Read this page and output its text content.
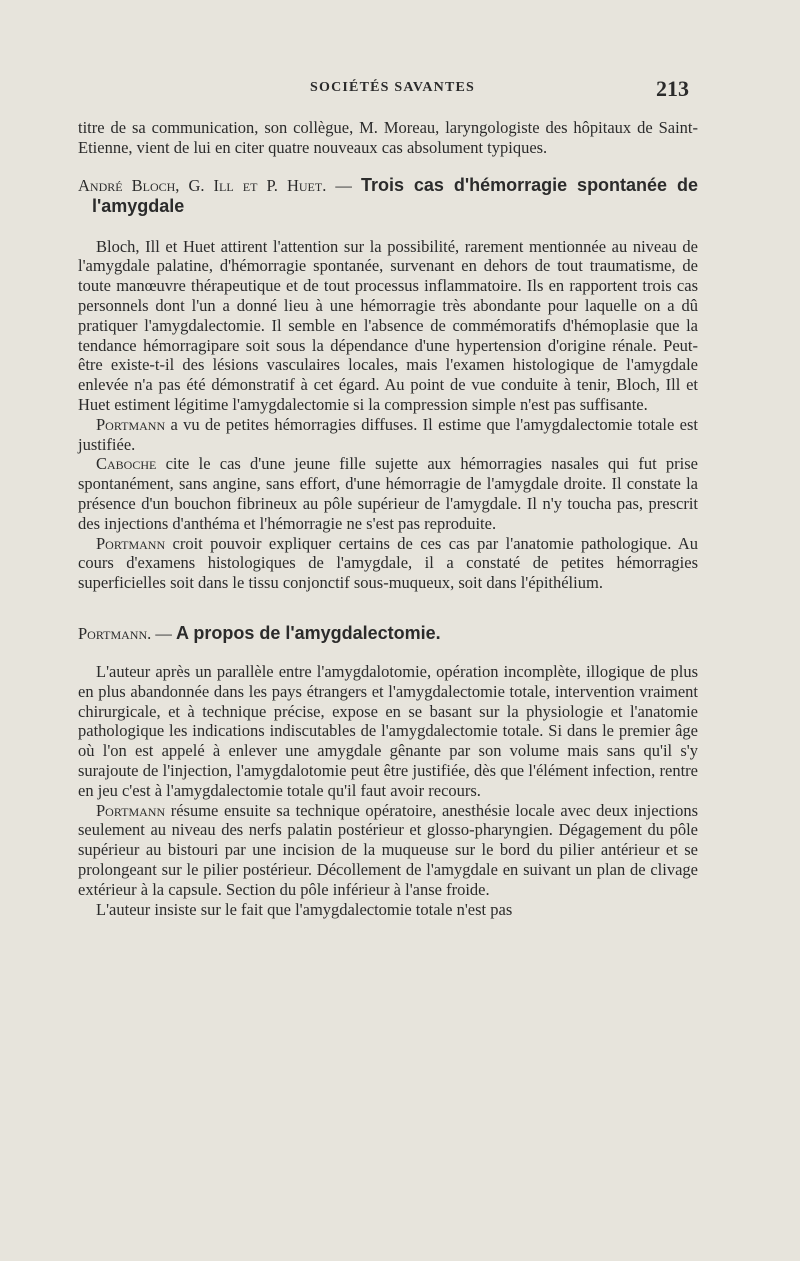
SOCIÉTÉS SAVANTES	213

titre de sa communication, son collègue, M. Moreau, laryngologiste des hôpitaux de Saint-Etienne, vient de lui en citer quatre nouveaux cas absolument typiques.

André Bloch, G. Ill et P. Huet. — Trois cas d'hémorragie spontanée de l'amygdale

Bloch, Ill et Huet attirent l'attention sur la possibilité, rarement mentionnée au niveau de l'amygdale palatine, d'hémorragie spontanée, survenant en dehors de tout traumatisme, de toute manœuvre thérapeutique et de tout processus inflammatoire. Ils en rapportent trois cas personnels dont l'un a donné lieu à une hémorragie très abondante pour laquelle on a dû pratiquer l'amygdalectomie. Il semble en l'absence de commémoratifs d'hémoplasie que la tendance hémorragipare soit sous la dépendance d'une hypertension d'origine rénale. Peut-être existe-t-il des lésions vasculaires locales, mais l'examen histologique de l'amygdale enlevée n'a pas été démonstratif à cet égard. Au point de vue conduite à tenir, Bloch, Ill et Huet estiment légitime l'amygdalectomie si la compression simple n'est pas suffisante.

Portmann a vu de petites hémorragies diffuses. Il estime que l'amygdalectomie totale est justifiée.

Caboche cite le cas d'une jeune fille sujette aux hémorragies nasales qui fut prise spontanément, sans angine, sans effort, d'une hémorragie de l'amygdale droite. Il constate la présence d'un bouchon fibrineux au pôle supérieur de l'amygdale. Il n'y toucha pas, prescrit des injections d'anthéma et l'hémorragie ne s'est pas reproduite.

Portmann croit pouvoir expliquer certains de ces cas par l'anatomie pathologique. Au cours d'examens histologiques de l'amygdale, il a constaté de petites hémorragies superficielles soit dans le tissu conjonctif sous-muqueux, soit dans l'épithélium.

Portmann. — A propos de l'amygdalectomie.

L'auteur après un parallèle entre l'amygdalotomie, opération incomplète, illogique de plus en plus abandonnée dans les pays étrangers et l'amygdalectomie totale, intervention vraiment chirurgicale, et à technique précise, expose en se basant sur la physiologie et l'anatomie pathologique les indications indiscutables de l'amygdalectomie totale. Si dans le premier âge où l'on est appelé à enlever une amygdale gênante par son volume mais sans qu'il s'y surajoute de l'injection, l'amygdalotomie peut être justifiée, dès que l'élément infection, rentre en jeu c'est à l'amygdalectomie totale qu'il faut avoir recours.

Portmann résume ensuite sa technique opératoire, anesthésie locale avec deux injections seulement au niveau des nerfs palatin postérieur et glosso-pharyngien. Dégagement du pôle supérieur au bistouri par une incision de la muqueuse sur le bord du pilier antérieur et se prolongeant sur le pilier postérieur. Décollement de l'amygdale en suivant un plan de clivage extérieur à la capsule. Section du pôle inférieur à l'anse froide.

L'auteur insiste sur le fait que l'amygdalectomie totale n'est pas
